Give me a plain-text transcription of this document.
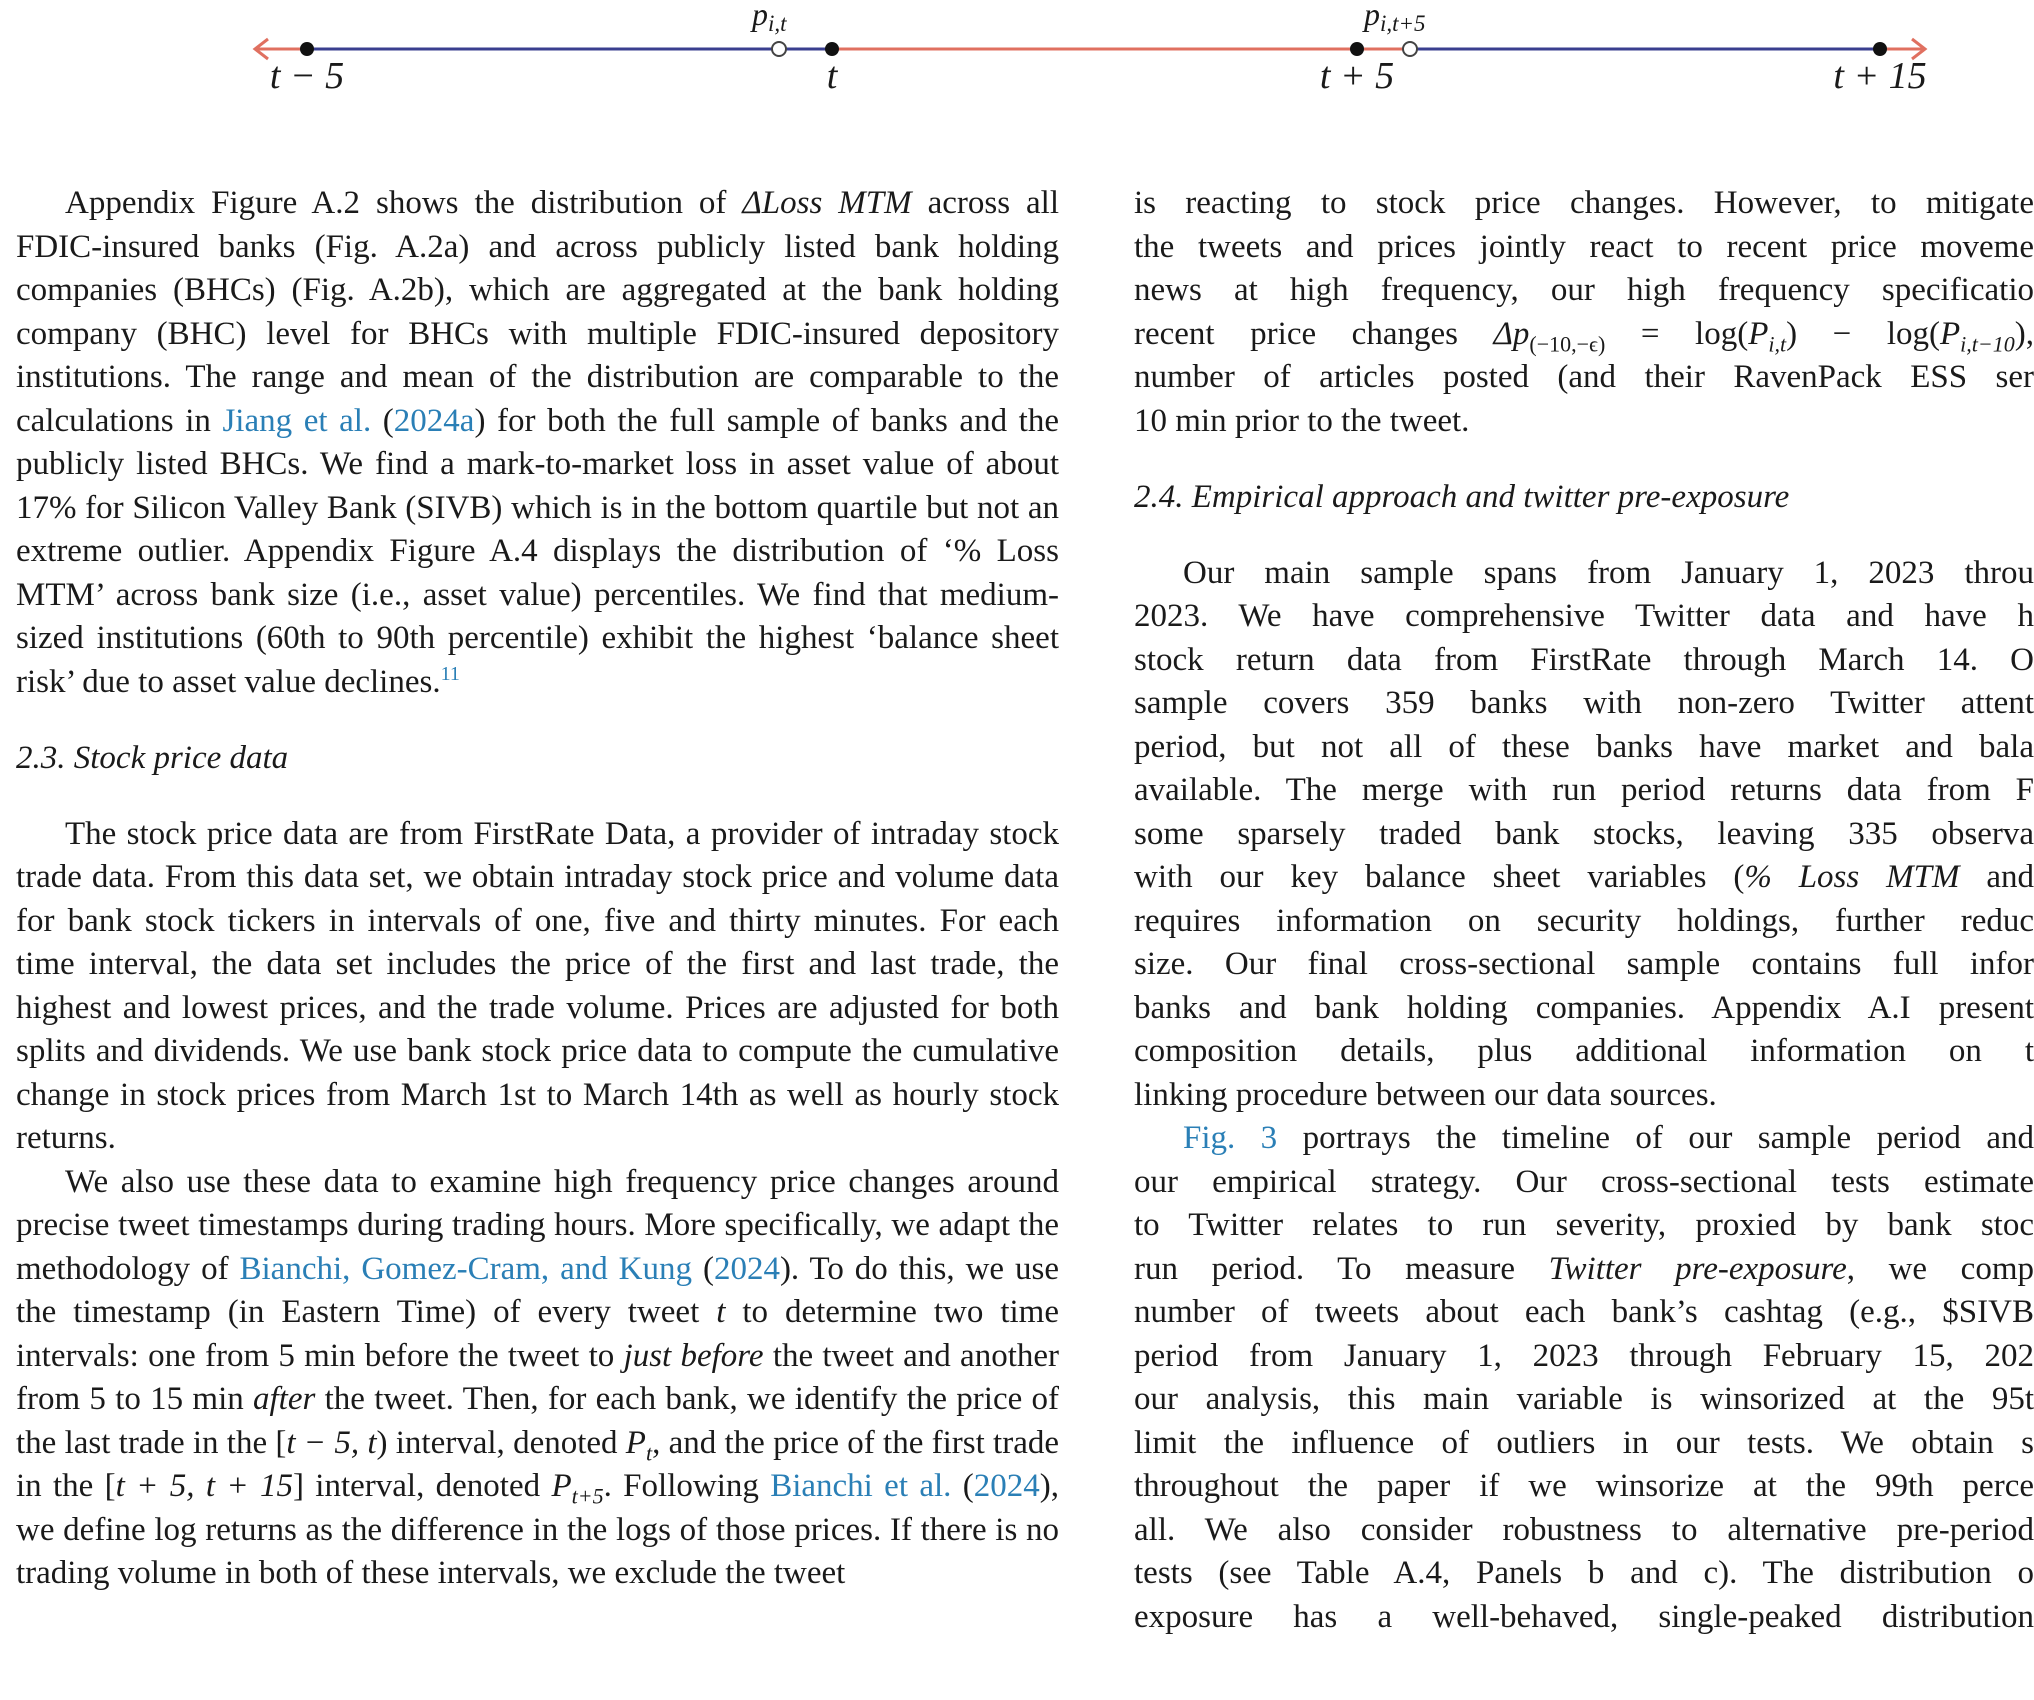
t − 5	t	t + 5	t + 15
pi,t	pi,t+5

Appendix Figure A.2 shows the distribution of ΔLoss MTM across all FDIC-insured banks (Fig. A.2a) and across publicly listed bank holding companies (BHCs) (Fig. A.2b), which are aggregated at the bank holding company (BHC) level for BHCs with multiple FDIC-insured depository institutions. The range and mean of the distribution are comparable to the calculations in Jiang et al. (2024a) for both the full sample of banks and the publicly listed BHCs. We find a mark-to-market loss in asset value of about 17% for Silicon Valley Bank (SIVB) which is in the bottom quartile but not an extreme outlier. Appendix Figure A.4 displays the distribution of ‘% Loss MTM’ across bank size (i.e., asset value) percentiles. We find that medium-sized institutions (60th to 90th percentile) exhibit the highest ‘balance sheet risk’ due to asset value declines.$^{11}$

2.3. Stock price data

The stock price data are from FirstRate Data, a provider of intraday stock trade data. From this data set, we obtain intraday stock price and volume data for bank stock tickers in intervals of one, five and thirty minutes. For each time interval, the data set includes the price of the first and last trade, the highest and lowest prices, and the trade volume. Prices are adjusted for both splits and dividends. We use bank stock price data to compute the cumulative change in stock prices from March 1st to March 14th as well as hourly stock returns.

We also use these data to examine high frequency price changes around precise tweet timestamps during trading hours. More specifically, we adapt the methodology of Bianchi, Gomez-Cram, and Kung (2024). To do this, we use the timestamp (in Eastern Time) of every tweet t to determine two time intervals: one from 5 min before the tweet to just before the tweet and another from 5 to 15 min after the tweet. Then, for each bank, we identify the price of the last trade in the [t − 5, t) interval, denoted $P_t$, and the price of the first trade in the [t + 5, t + 15] interval, denoted $P_{t+5}$. Following Bianchi et al. (2024), we define log returns as the difference in the logs of those prices. If there is no trading volume in both of these intervals, we exclude the tweet

is reacting to stock price changes. However, to mitigate
the tweets and prices jointly react to recent price moveme
news at high frequency, our high frequency specificatio
recent price changes $\Delta p_{(-10,-\epsilon)} = \log(P_{i,t}) - \log(P_{i,t-10})$,
number of articles posted (and their RavenPack ESS ser
10 min prior to the tweet.

2.4. Empirical approach and twitter pre-exposure

Our main sample spans from January 1, 2023 throu
2023. We have comprehensive Twitter data and have h
stock return data from FirstRate through March 14. O
sample covers 359 banks with non-zero Twitter attent
period, but not all of these banks have market and bala
available. The merge with run period returns data from F
some sparsely traded bank stocks, leaving 335 observa
with our key balance sheet variables (% Loss MTM and
requires information on security holdings, further reduc
size. Our final cross-sectional sample contains full infor
banks and bank holding companies. Appendix A.I present
composition details, plus additional information on t
linking procedure between our data sources.
Fig. 3 portrays the timeline of our sample period and
our empirical strategy. Our cross-sectional tests estimate
to Twitter relates to run severity, proxied by bank stoc
run period. To measure Twitter pre-exposure, we comp
number of tweets about each bank’s cashtag (e.g., $SIVB
period from January 1, 2023 through February 15, 202
our analysis, this main variable is winsorized at the 95t
limit the influence of outliers in our tests. We obtain s
throughout the paper if we winsorize at the 99th perce
all. We also consider robustness to alternative pre-period
tests (see Table A.4, Panels b and c). The distribution o
exposure has a well-behaved, single-peaked distribution
